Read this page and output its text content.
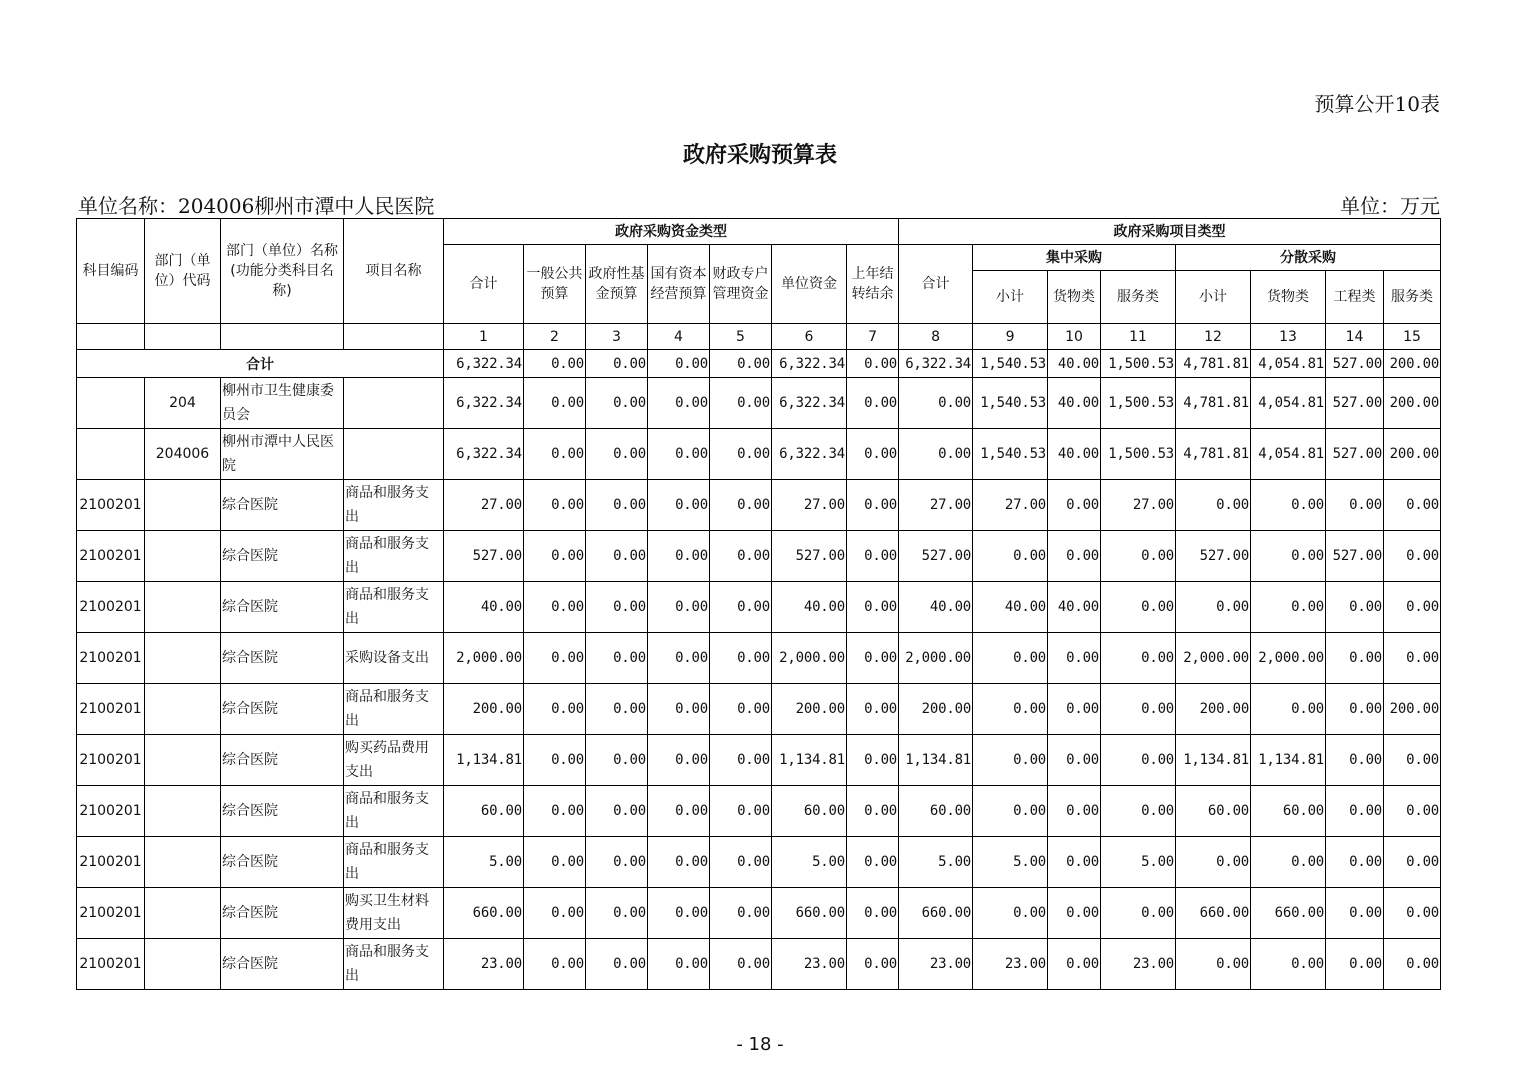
预算公开10表
政府采购预算表
单位名称：204006柳州市潭中人民医院	单位：万元
科目编码	部门（单位）代码	部门（单位）名称(功能分类科目名称)	项目名称	政府采购资金类型							政府采购项目类型							
				合计	一般公共预算	政府性基金预算	国有资本经营预算	财政专户管理资金	单位资金	上年结转结余	合计	集中采购			分散采购			
												小计	货物类	服务类	小计	货物类	工程类	服务类
				1	2	3	4	5	6	7	8	9	10	11	12	13	14	15
合计				6,322.34	0.00	0.00	0.00	0.00	6,322.34	0.00	6,322.34	1,540.53	40.00	1,500.53	4,781.81	4,054.81	527.00	200.00
	204	柳州市卫生健康委员会		6,322.34	0.00	0.00	0.00	0.00	6,322.34	0.00	0.00	1,540.53	40.00	1,500.53	4,781.81	4,054.81	527.00	200.00
	204006	柳州市潭中人民医院		6,322.34	0.00	0.00	0.00	0.00	6,322.34	0.00	0.00	1,540.53	40.00	1,500.53	4,781.81	4,054.81	527.00	200.00
2100201		综合医院	商品和服务支出	27.00	0.00	0.00	0.00	0.00	27.00	0.00	27.00	27.00	0.00	27.00	0.00	0.00	0.00	0.00
2100201		综合医院	商品和服务支出	527.00	0.00	0.00	0.00	0.00	527.00	0.00	527.00	0.00	0.00	0.00	527.00	0.00	527.00	0.00
2100201		综合医院	商品和服务支出	40.00	0.00	0.00	0.00	0.00	40.00	0.00	40.00	40.00	40.00	0.00	0.00	0.00	0.00	0.00
2100201		综合医院	采购设备支出	2,000.00	0.00	0.00	0.00	0.00	2,000.00	0.00	2,000.00	0.00	0.00	0.00	2,000.00	2,000.00	0.00	0.00
2100201		综合医院	商品和服务支出	200.00	0.00	0.00	0.00	0.00	200.00	0.00	200.00	0.00	0.00	0.00	200.00	0.00	0.00	200.00
2100201		综合医院	购买药品费用支出	1,134.81	0.00	0.00	0.00	0.00	1,134.81	0.00	1,134.81	0.00	0.00	0.00	1,134.81	1,134.81	0.00	0.00
2100201		综合医院	商品和服务支出	60.00	0.00	0.00	0.00	0.00	60.00	0.00	60.00	0.00	0.00	0.00	60.00	60.00	0.00	0.00
2100201		综合医院	商品和服务支出	5.00	0.00	0.00	0.00	0.00	5.00	0.00	5.00	5.00	0.00	5.00	0.00	0.00	0.00	0.00
2100201		综合医院	购买卫生材料费用支出	660.00	0.00	0.00	0.00	0.00	660.00	0.00	660.00	0.00	0.00	0.00	660.00	660.00	0.00	0.00
2100201		综合医院	商品和服务支出	23.00	0.00	0.00	0.00	0.00	23.00	0.00	23.00	23.00	0.00	23.00	0.00	0.00	0.00	0.00
- 18 -
